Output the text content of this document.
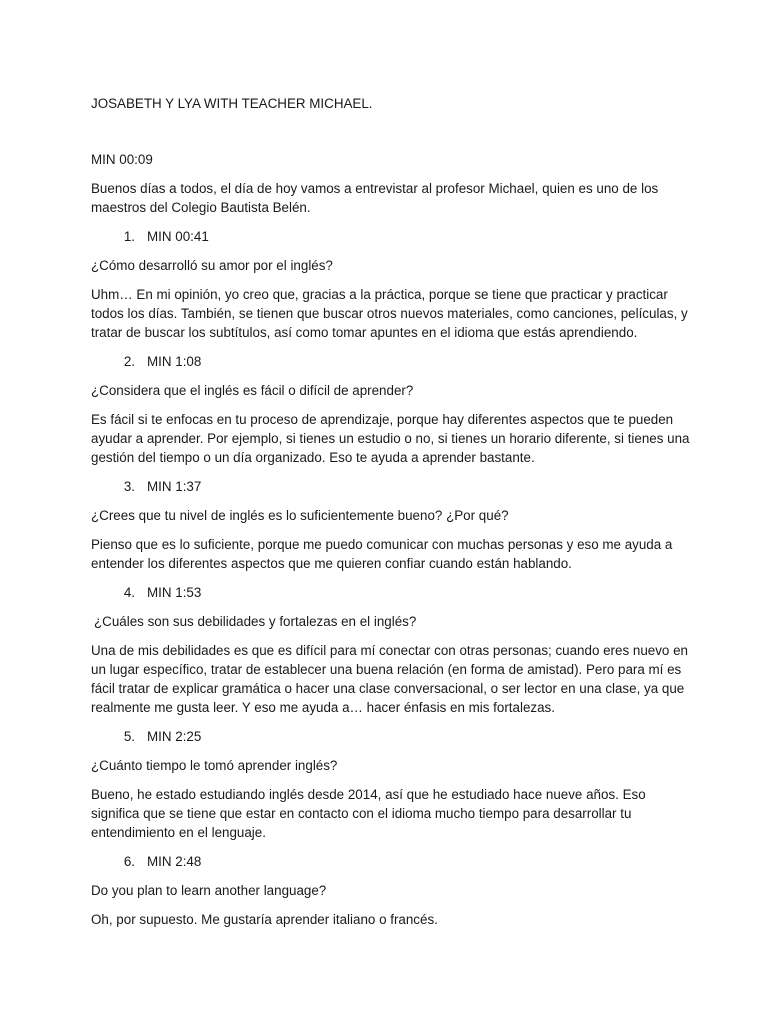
JOSABETH Y LYA WITH TEACHER MICHAEL.
MIN 00:09

Buenos días a todos, el día de hoy vamos a entrevistar al profesor Michael, quien es uno de los maestros del Colegio Bautista Belén.

1 . MIN 00:41

¿Cómo desarrolló su amor por el inglés?

Uhm… En mi opinión, yo creo que, gracias a la práctica, porque se tiene que practicar y practicar todos los días. También, se tienen que buscar otros nuevos materiales, como canciones, películas, y tratar de buscar los subtítulos, así como tomar apuntes en el idioma que estás aprendiendo.

2 . MIN 1:08

¿Considera que el inglés es fácil o difícil de aprender?

Es fácil si te enfocas en tu proceso de aprendizaje, porque hay diferentes aspectos que te pueden ayudar a aprender. Por ejemplo, si tienes un estudio o no, si tienes un horario diferente, si tienes una gestión del tiempo o un día organizado. Eso te ayuda a aprender bastante.

3 . MIN 1:37

¿Crees que tu nivel de inglés es lo suficientemente bueno? ¿Por qué?

Pienso que es lo suficiente, porque me puedo comunicar con muchas personas y eso me ayuda a entender los diferentes aspectos que me quieren confiar cuando están hablando.

4 . MIN 1:53

¿Cuáles son sus debilidades y fortalezas en el inglés?

Una de mis debilidades es que es difícil para mí conectar con otras personas; cuando eres nuevo en un lugar específico, tratar de establecer una buena relación (en forma de amistad). Pero para mí es fácil tratar de explicar gramática o hacer una clase conversacional, o ser lector en una clase, ya que realmente me gusta leer. Y eso me ayuda a… hacer énfasis en mis fortalezas.

5 . MIN 2:25

¿Cuánto tiempo le tomó aprender inglés?

Bueno, he estado estudiando inglés desde 2014, así que he estudiado hace nueve años. Eso significa que se tiene que estar en contacto con el idioma mucho tiempo para desarrollar tu entendimiento en el lenguaje.

6 . MIN 2:48

Do you plan to learn another language?

Oh, por supuesto. Me gustaría aprender italiano o francés.
